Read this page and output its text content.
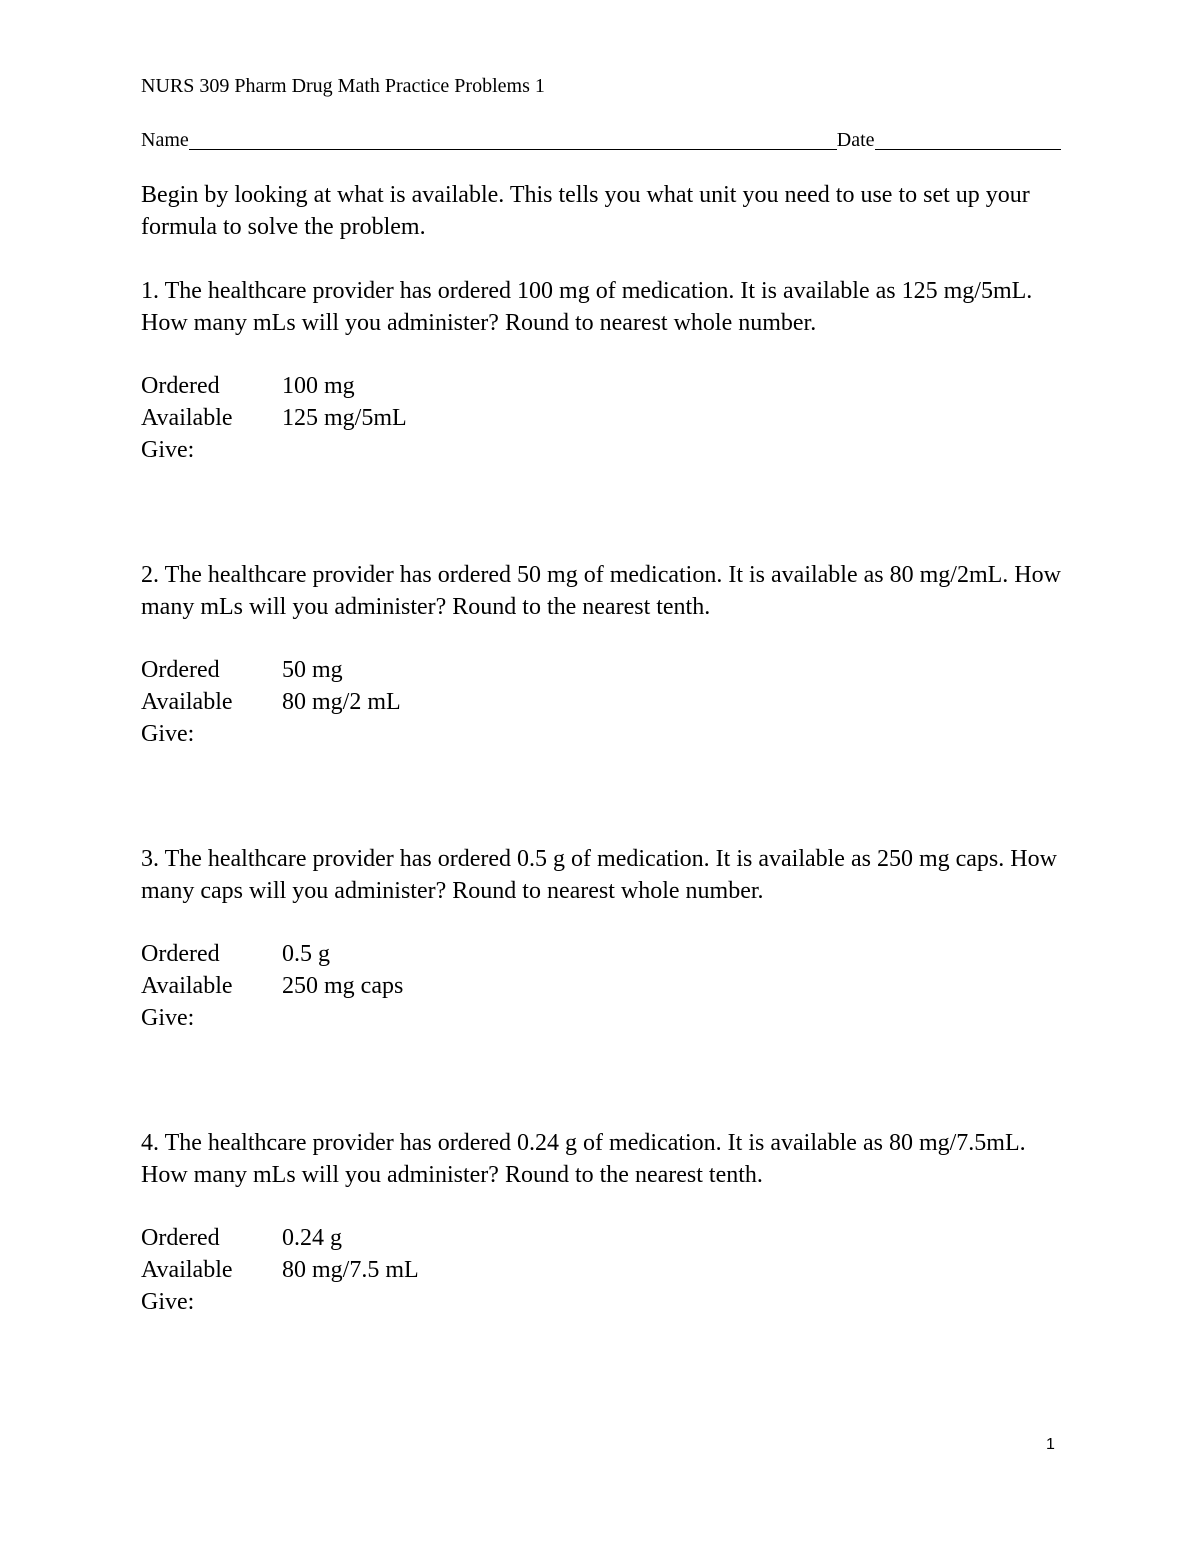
NURS 309 Pharm Drug Math Practice Problems 1
Name	Date
Begin by looking at what is available. This tells you what unit you need to use to set up your formula to solve the problem.

1. The healthcare provider has ordered 100 mg of medication. It is available as 125 mg/5mL. How many mLs will you administer? Round to nearest whole number.

Ordered	100 mg
Available	125 mg/5mL
Give:

2. The healthcare provider has ordered 50 mg of medication. It is available as 80 mg/2mL. How many mLs will you administer? Round to the nearest tenth.

Ordered	50 mg
Available	80 mg/2 mL
Give:

3. The healthcare provider has ordered 0.5 g of medication. It is available as 250 mg caps. How many caps will you administer? Round to nearest whole number.

Ordered	0.5 g
Available	250 mg caps
Give:

4. The healthcare provider has ordered 0.24 g of medication. It is available as 80 mg/7.5mL. How many mLs will you administer? Round to the nearest tenth.

Ordered	0.24 g
Available	80 mg/7.5 mL
Give:
1
